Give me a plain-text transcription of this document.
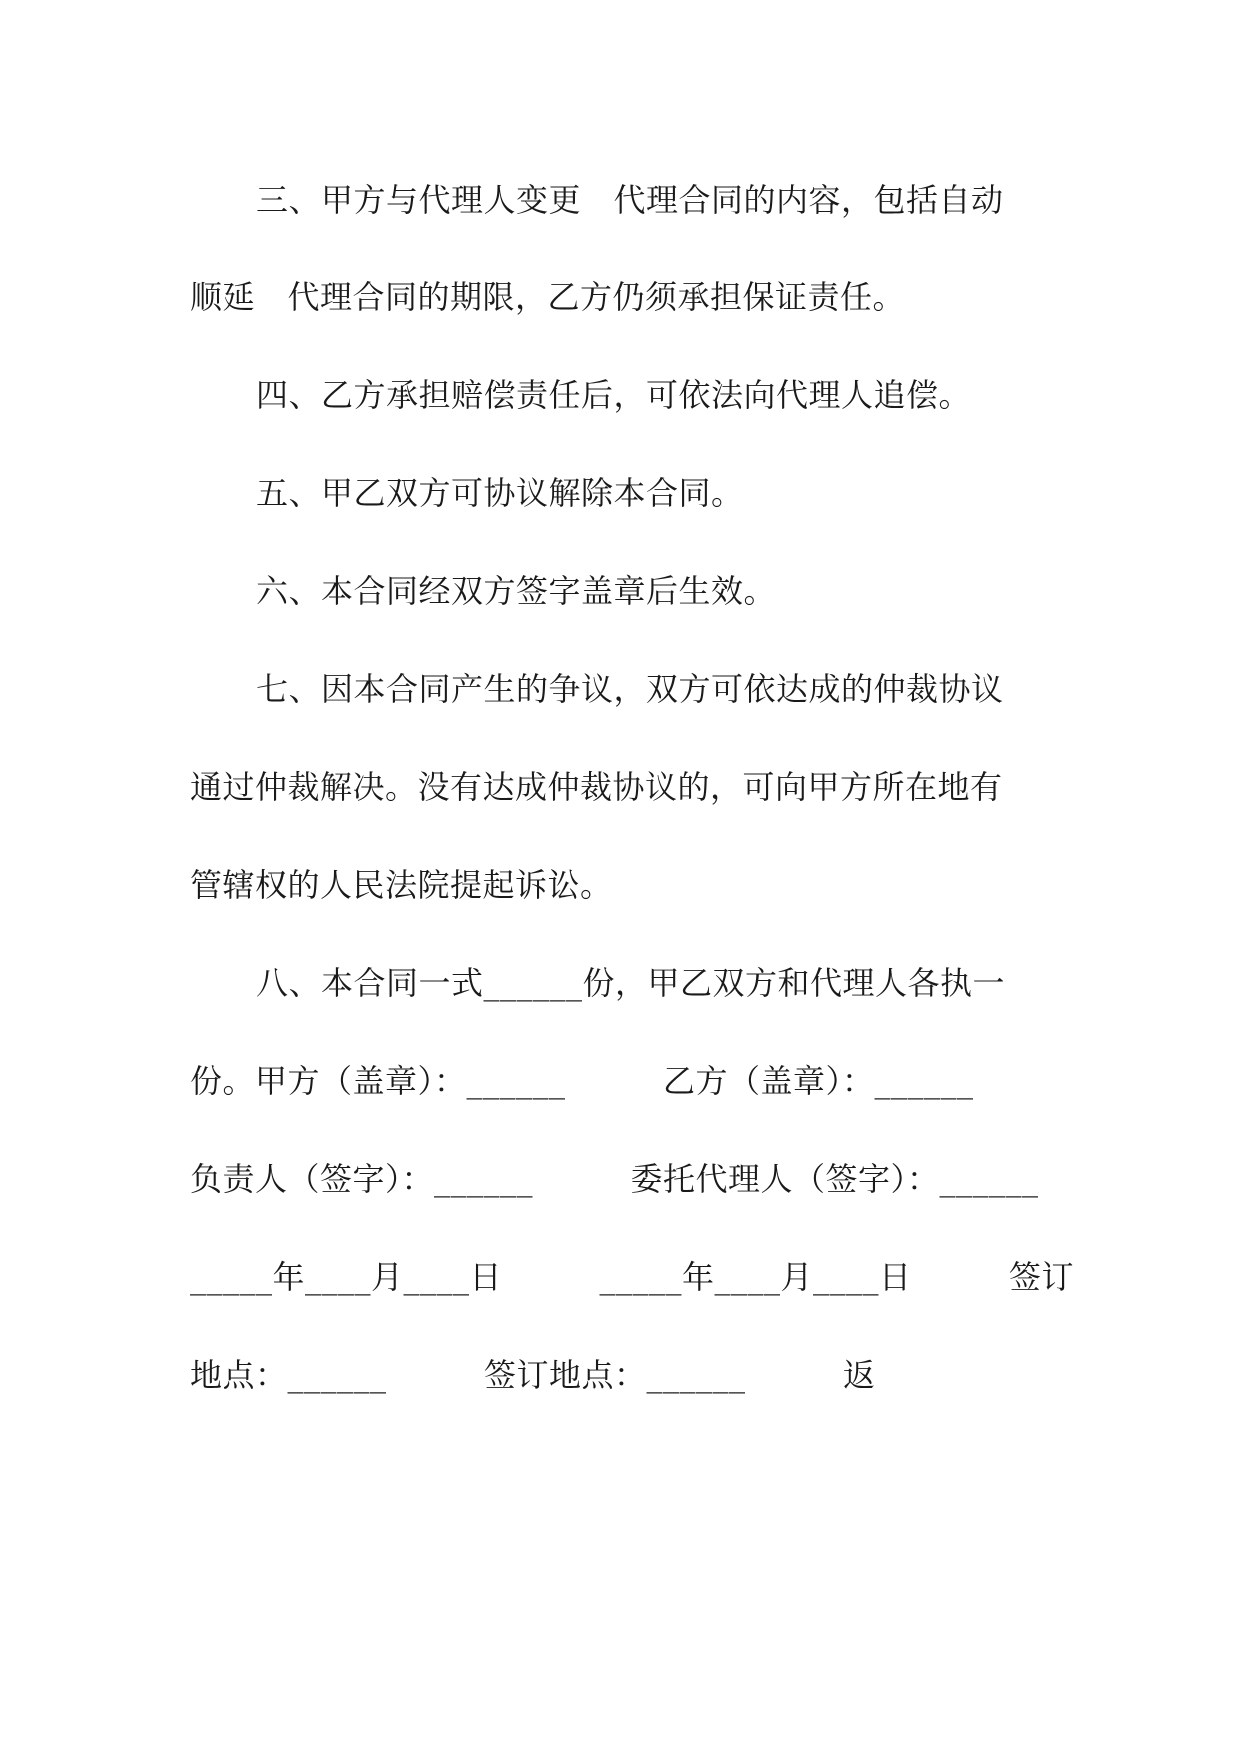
三、甲方与代理人变更　代理合同的内容，包括自动
顺延　代理合同的期限，乙方仍须承担保证责任。
四、乙方承担赔偿责任后，可依法向代理人追偿。
五、甲乙双方可协议解除本合同。
六、本合同经双方签字盖章后生效。
七、因本合同产生的争议，双方可依达成的仲裁协议
通过仲裁解决。没有达成仲裁协议的，可向甲方所在地有
管辖权的人民法院提起诉讼。
八、本合同一式______份，甲乙双方和代理人各执一
份。甲方（盖章）：______　　　乙方（盖章）：______
负责人（签字）：______　　　委托代理人（签字）：______
_____年____月____日　　　_____年____月____日　　　签订
地点：______　　　签订地点：______　　　返
